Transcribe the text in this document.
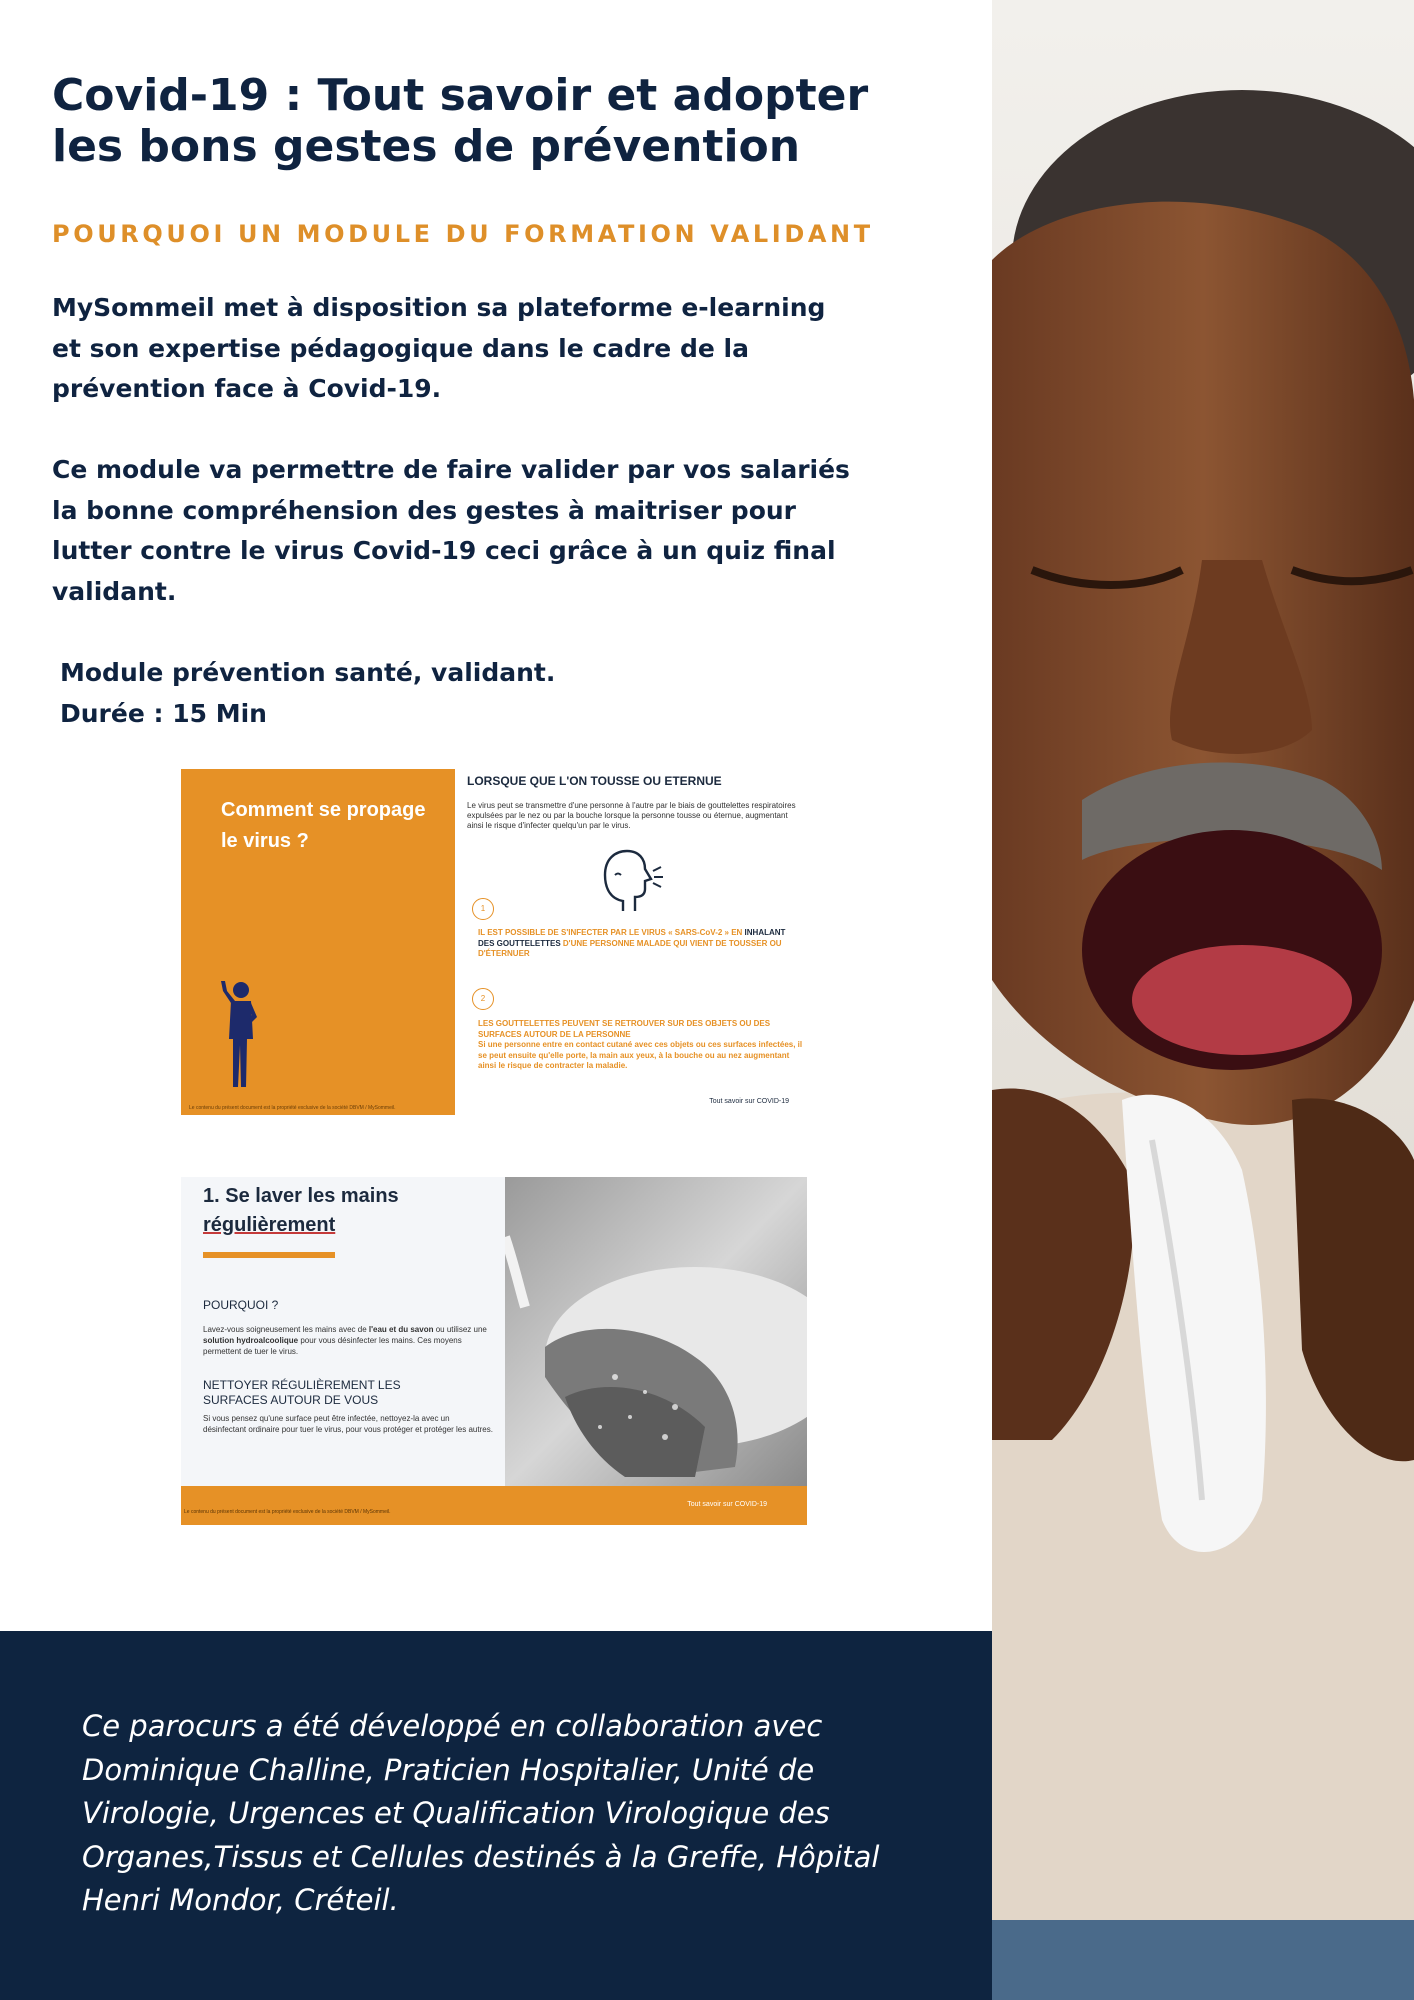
Covid-19 : Tout savoir et adopter les bons gestes de prévention
POURQUOI UN MODULE DU FORMATION VALIDANT

MySommeil met à disposition sa plateforme e-learning et son expertise pédagogique dans le cadre de la prévention face à Covid-19.

Ce module va permettre de faire valider par vos salariés la bonne compréhension des gestes à maitriser pour lutter contre le virus Covid-19 ceci grâce à un quiz final validant.

Module prévention santé, validant.

Durée : 15 Min

Comment se propage le virus ?

Le contenu du présent document est la propriété exclusive de la société DBVM / MySommeil.

LORSQUE QUE L'ON TOUSSE OU ETERNUE

Le virus peut se transmettre d'une personne à l'autre par le biais de gouttelettes respiratoires expulsées par le nez ou par la bouche lorsque la personne tousse ou éternue, augmentant ainsi le risque d'infecter quelqu'un par le virus.

1

IL EST POSSIBLE DE S'INFECTER PAR LE VIRUS « SARS-CoV-2 » EN INHALANT DES GOUTTELETTES D'UNE PERSONNE MALADE QUI VIENT DE TOUSSER OU D'ÉTERNUER

2

LES GOUTTELETTES PEUVENT SE RETROUVER SUR DES OBJETS OU DES SURFACES AUTOUR DE LA PERSONNE

Si une personne entre en contact cutané avec ces objets ou ces surfaces infectées, il se peut ensuite qu'elle porte, la main aux yeux, à la bouche ou au nez augmentant ainsi le risque de contracter la maladie.

Tout savoir sur COVID-19

1. Se laver les mains

régulièrement

POURQUOI ?

Lavez-vous soigneusement les mains avec de l'eau et du savon ou utilisez une solution hydroalcoolique pour vous désinfecter les mains. Ces moyens permettent de tuer le virus.

NETTOYER RÉGULIÈREMENT LES SURFACES AUTOUR DE VOUS

Si vous pensez qu'une surface peut être infectée, nettoyez-la avec un désinfectant ordinaire pour tuer le virus, pour vous protéger et protéger les autres.

Le contenu du présent document est la propriété exclusive de la société DBVM / MySommeil.
Tout savoir sur COVID-19

Ce parocurs a été développé en collaboration avec Dominique Challine, Praticien Hospitalier, Unité de Virologie, Urgences et Qualification Virologique des Organes,Tissus et Cellules destinés à la Greffe, Hôpital Henri Mondor, Créteil.
